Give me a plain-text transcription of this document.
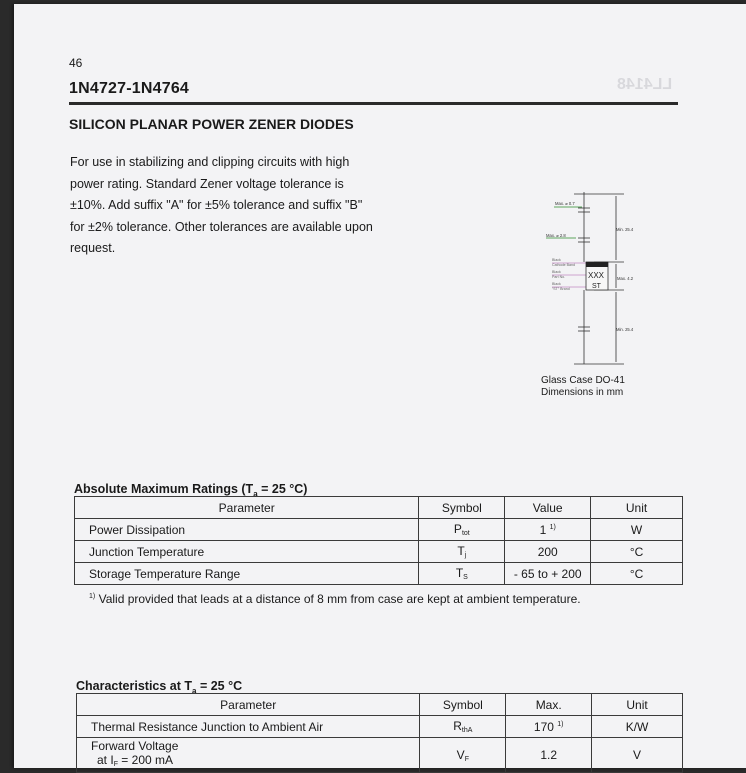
LL4148
46
1N4727-1N4764
SILICON PLANAR POWER ZENER DIODES

For use in stabilizing and clipping circuits with high
power rating. Standard Zener voltage tolerance is
±10%. Add suffix "A" for ±5% tolerance and suffix "B"
for ±2% tolerance. Other tolerances are available upon
request.

Max. ⌀ 0.7
Max. ⌀ 2.8
Min. 25.4
Max. 4.2
Min. 25.4
Black
Cathode Band
Black
Part No.
Black
"ST" Brand
XXX
ST
Glass Case DO-41
Dimensions in mm
Absolute Maximum Ratings ($T_a = 25$ °C)
Parameter	Symbol	Value	Unit
Power Dissipation	$P_{tot}$	1 $^{1)}$	W
Junction Temperature	$T_j$	200	°C
Storage Temperature Range	$T_S$	- 65 to + 200	°C
$^{1)}$ Valid provided that leads at a distance of 8 mm from case are kept at ambient temperature.
Characteristics at $T_a = 25$ °C
Parameter	Symbol	Max.	Unit
Thermal Resistance Junction to Ambient Air	$R_{thA}$	170 $^{1)}$	K/W
Forward Voltage
at $I_F = 200$ mA	$V_F$	1.2	V
